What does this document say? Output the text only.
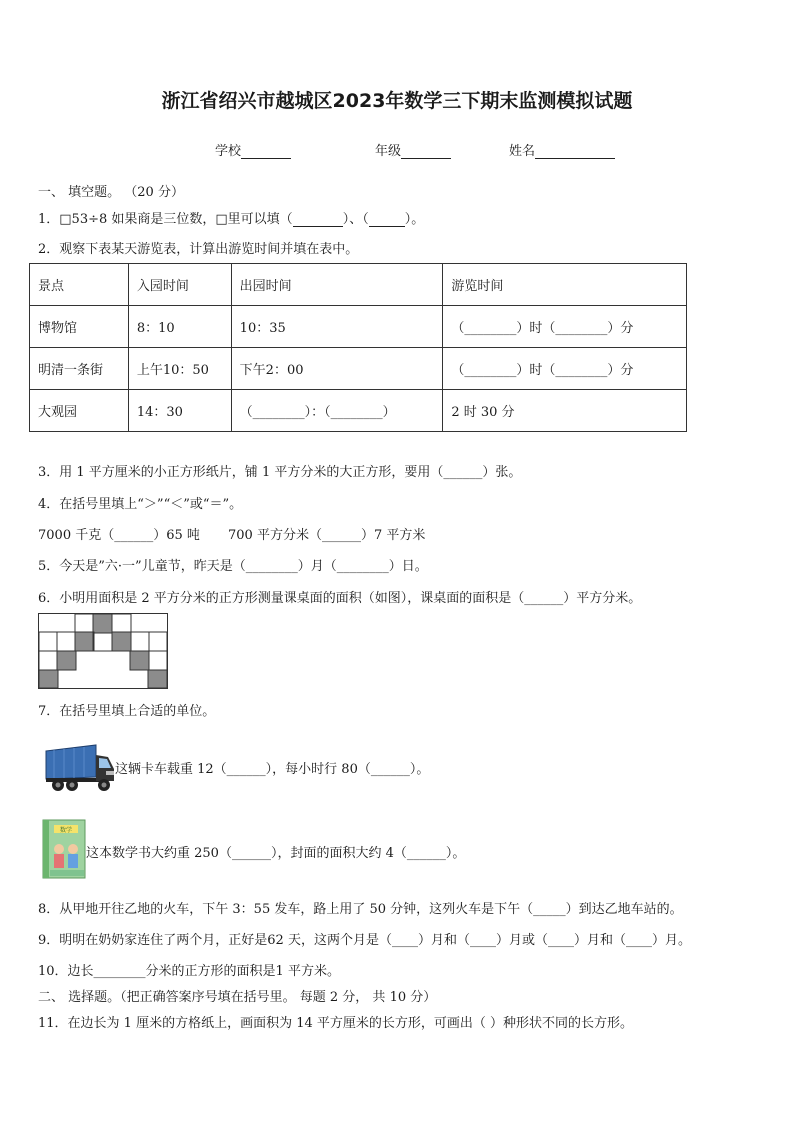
浙江省绍兴市越城区2023年数学三下期末监测模拟试题
学校	年级	姓名
一、 填空题。 （20 分）
1．□53÷8 如果商是三位数，□里可以填（	）、（	）。
2．观察下表某天游览表，计算出游览时间并填在表中。
景点	入园时间	出园时间	游览时间
博物馆	8：10	10：35	（________）时（________）分
明清一条街	上午10：50	下午2：00	（________）时（________）分
大观园	14：30	（________）：（________）	2 时 30 分
3．用 1 平方厘米的小正方形纸片，铺 1 平方分米的大正方形，要用（______）张。
4．在括号里填上“＞”“＜”或“＝”。
7000 千克（______）65 吨 700 平方分米（______）7 平方米
5．今天是”六·一”儿童节，昨天是（________）月（________）日。
6．小明用面积是 2 平方分米的正方形测量课桌面的面积（如图），课桌面的面积是（______）平方分米。
7．在括号里填上合适的单位。
这辆卡车载重 12（______），每小时行 80（______）。
数学
这本数学书大约重 250（______），封面的面积大约 4（______）。
8．从甲地开往乙地的火车，下午 3：55 发车，路上用了 50 分钟，这列火车是下午（_____）到达乙地车站的。
9．明明在奶奶家连住了两个月，正好是62 天，这两个月是（____）月和（____）月或（____）月和（____）月。
10．边长________分米的正方形的面积是1 平方米。
二、 选择题。（把正确答案序号填在括号里。 每题 2 分， 共 10 分）
11．在边长为 1 厘米的方格纸上，画面积为 14 平方厘米的长方形，可画出（ ）种形状不同的长方形。
